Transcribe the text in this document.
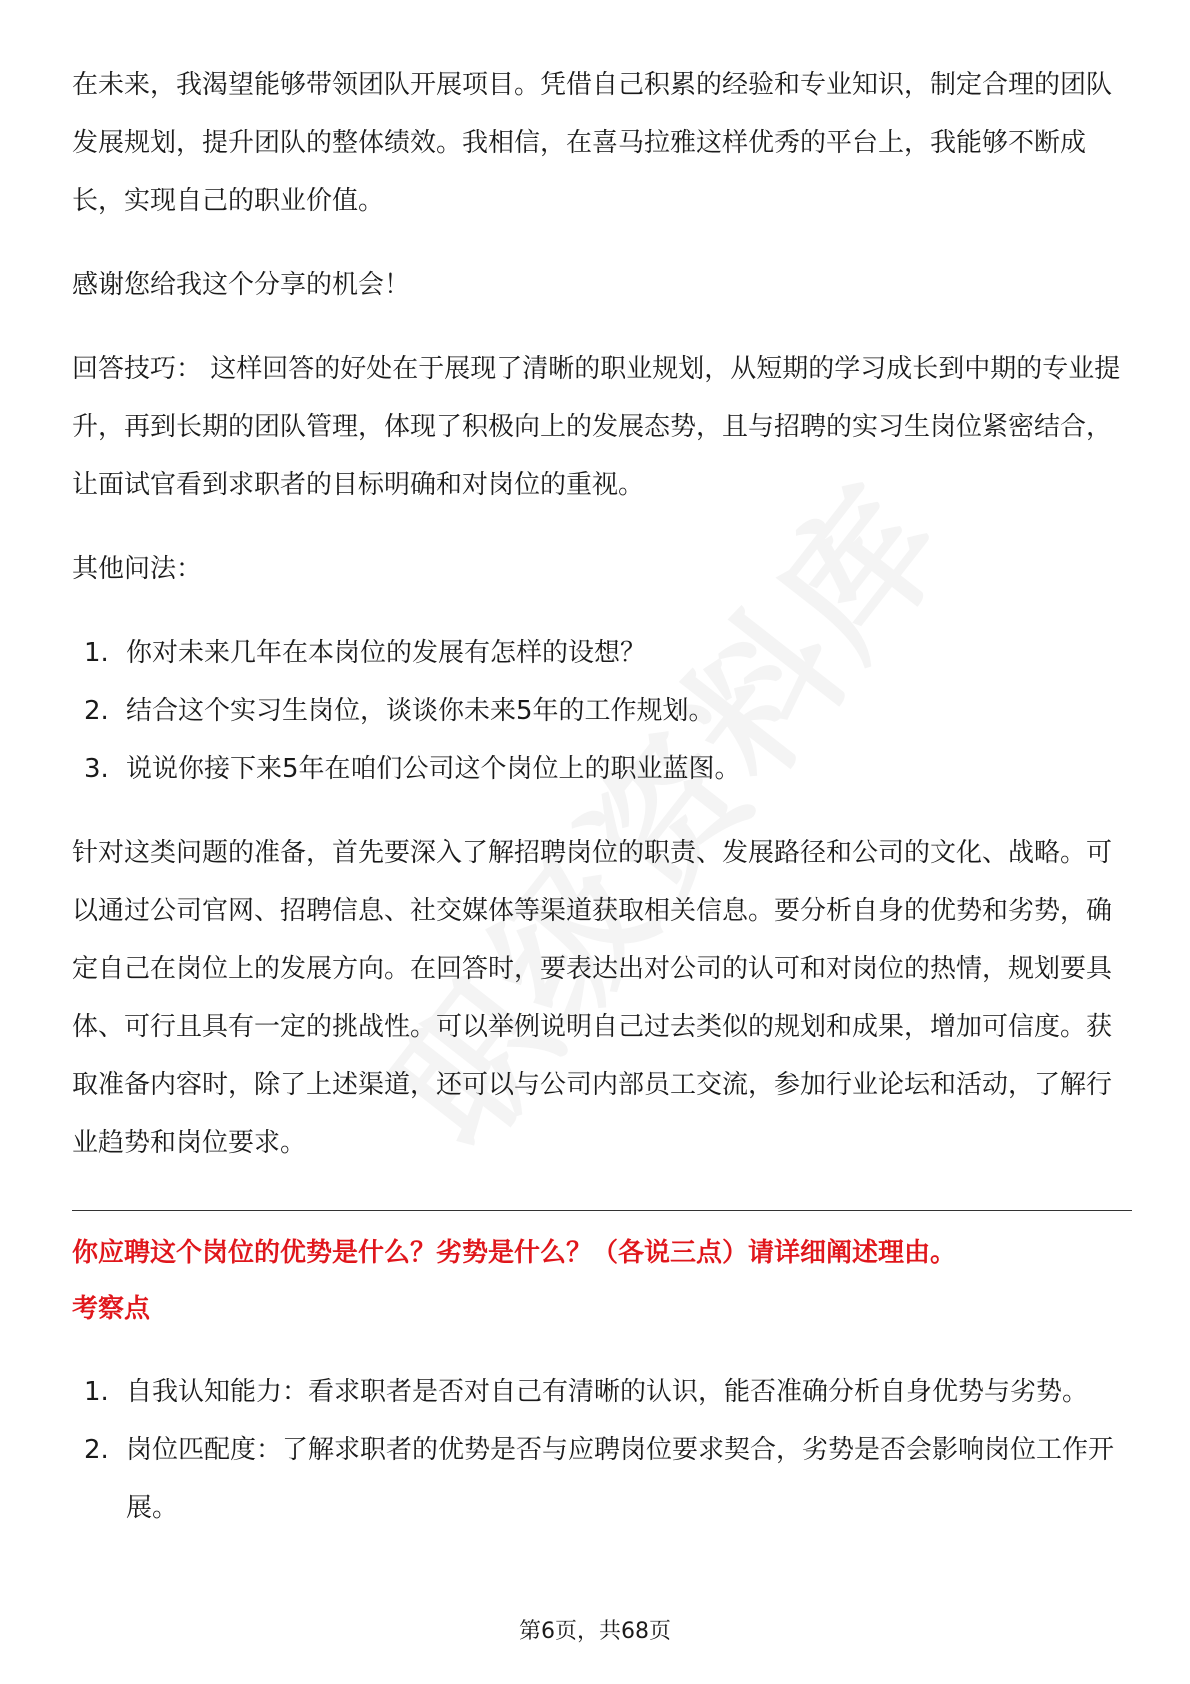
在未来，我渴望能够带领团队开展项目。凭借自己积累的经验和专业知识，制定合理的团队发展规划，提升团队的整体绩效。我相信，在喜马拉雅这样优秀的平台上，我能够不断成长，实现自己的职业价值。

感谢您给我这个分享的机会！

回答技巧： 这样回答的好处在于展现了清晰的职业规划，从短期的学习成长到中期的专业提升，再到长期的团队管理，体现了积极向上的发展态势，且与招聘的实习生岗位紧密结合，让面试官看到求职者的目标明确和对岗位的重视。

其他问法：

1. 你对未来几年在本岗位的发展有怎样的设想？
2. 结合这个实习生岗位，谈谈你未来5年的工作规划。
3. 说说你接下来5年在咱们公司这个岗位上的职业蓝图。

针对这类问题的准备，首先要深入了解招聘岗位的职责、发展路径和公司的文化、战略。可以通过公司官网、招聘信息、社交媒体等渠道获取相关信息。要分析自身的优势和劣势，确定自己在岗位上的发展方向。在回答时，要表达出对公司的认可和对岗位的热情，规划要具体、可行且具有一定的挑战性。可以举例说明自己过去类似的规划和成果，增加可信度。获取准备内容时，除了上述渠道，还可以与公司内部员工交流，参加行业论坛和活动，了解行业趋势和岗位要求。

你应聘这个岗位的优势是什么？劣势是什么？（各说三点）请详细阐述理由。
考察点
1. 自我认知能力：看求职者是否对自己有清晰的认识，能否准确分析自身优势与劣势。
2. 岗位匹配度：了解求职者的优势是否与应聘岗位要求契合，劣势是否会影响岗位工作开展。
第6页，共68页
